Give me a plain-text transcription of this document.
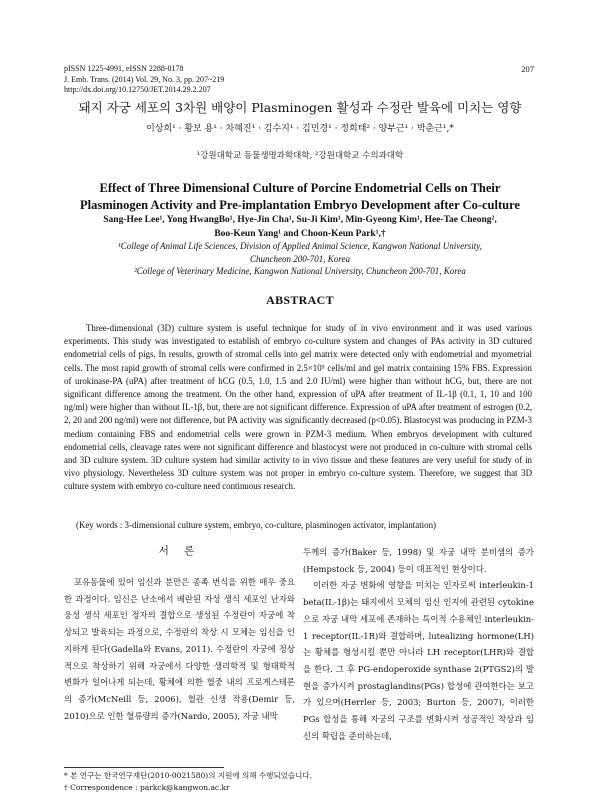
pISSN 1225-4991, eISSN 2288-0178
J. Emb. Trans. (2014) Vol. 29, No. 3, pp. 207~219
http://dx.doi.org/10.12750/JET.2014.29.2.207
207
돼지 자궁 세포의 3차원 배양이 Plasminogen 활성과 수정란 발육에 미치는 영향
이상희¹ · 황보 용¹ · 차혜진¹ · 김수지¹ · 김민경¹ · 정희태² · 양부근¹ · 박춘근¹,*
¹강원대학교 동물생명과학대학, ²강원대학교 수의과대학
Effect of Three Dimensional Culture of Porcine Endometrial Cells on Their
Plasminogen Activity and Pre-implantation Embryo Development after Co-culture
Sang-Hee Lee¹, Yong HwangBo¹, Hye-Jin Cha¹, Su-Ji Kim¹, Min-Gyeong Kim¹, Hee-Tae Cheong²,
Boo-Keun Yang¹ and Choon-Keun Park¹,†
¹College of Animal Life Sciences, Division of Applied Animal Science, Kangwon National University,
Chuncheon 200-701, Korea
²College of Veterinary Medicine, Kangwon National University, Chuncheon 200-701, Korea
ABSTRACT
Three-dimensional (3D) culture system is useful technique for study of in vivo environment and it was used various experiments. This study was investigated to establish of embryo co-culture system and changes of PAs activity in 3D cultured endometrial cells of pigs. In results, growth of stromal cells into gel matrix were detected only with endometrial and myometrial cells. The most rapid growth of stromal cells were confirmed in 2.5×10⁵ cells/ml and gel matrix containing 15% FBS. Expression of urokinase-PA (uPA) after treatment of hCG (0.5, 1.0, 1.5 and 2.0 IU/ml) were higher than without hCG, but, there are not significant difference among the treatment. On the other hand, expression of uPA after treatment of IL-1β (0.1, 1, 10 and 100 ng/ml) were higher than without IL-1β, but, there are not significant difference. Expression of uPA after treatment of estrogen (0.2, 2, 20 and 200 ng/ml) were not difference, but PA activity was significantly decreased (p<0.05). Blastocyst was producing in PZM-3 medium containing FBS and endometrial cells were grown in PZM-3 medium. When embryos development with cultured endometrial cells, cleavage rates were not significant difference and blastocyst were not produced in co-culture with stromal cells and 3D culture system. 3D culture system had similar activity to in vivo tissue and these features are very useful for study of in vivo physiology. Nevertheless 3D culture system was not proper in embryo co-culture system. Therefore, we suggest that 3D culture system with embryo co-culture need continuous research.
(Key words : 3-dimensional culture system, embryo, co-culture, plasminogen activator, implantation)
서 론

포유동물에 있어 임신과 분만은 종족 번식을 위한 매우 중요한 과정이다. 임신은 난소에서 배란된 자성 생식 세포인 난자와 웅성 생식 세포인 정자의 결합으로 생성된 수정란이 자궁에 착상되고 발육되는 과정으로, 수정란의 착상 시 모체는 임신을 인지하게 된다(Gadella와 Evans, 2011). 수정란이 자궁에 정상적으로 착상하기 위해 자궁에서 다양한 생리학적 및 형태학적 변화가 일어나게 되는데, 황체에 의한 혈중 내의 프로게스테론의 증가(McNeill 등, 2006), 혈관 신생 작용(Demir 등, 2010)으로 인한 혈류량의 증가(Nardo, 2005), 자궁 내막

두께의 증가(Baker 등, 1998) 및 자궁 내막 분비샘의 증가(Hempstock 등, 2004) 등이 대표적인 현상이다.

이러한 자궁 변화에 영향을 미치는 인자로써 interleukin-1 beta(IL-1β)는 돼지에서 모체의 임신 인지에 관련된 cytokine으로 자궁 내막 세포에 존재하는 특이적 수용체인 interleukin-1 receptor(IL-1R)와 결합하며, lutealizing hormone(LH)는 황체를 형성시킬 뿐만 아니라 LH receptor(LHR)와 결합을 한다. 그 후 PG-endoperoxide synthase 2(PTGS2)의 발현을 증가시켜 prostaglandins(PGs) 합성에 관여한다는 보고가 있으며(Herrler 등, 2003; Burton 등, 2007), 이러한 PGs 합성을 통해 자궁의 구조를 변화시켜 성공적인 착상과 임신의 확립을 준비하는데,

* 본 연구는 한국연구재단(2010-0021580)의 지원에 의해 수행되었습니다.
† Correspondence : parkck@kangwon.ac.kr
